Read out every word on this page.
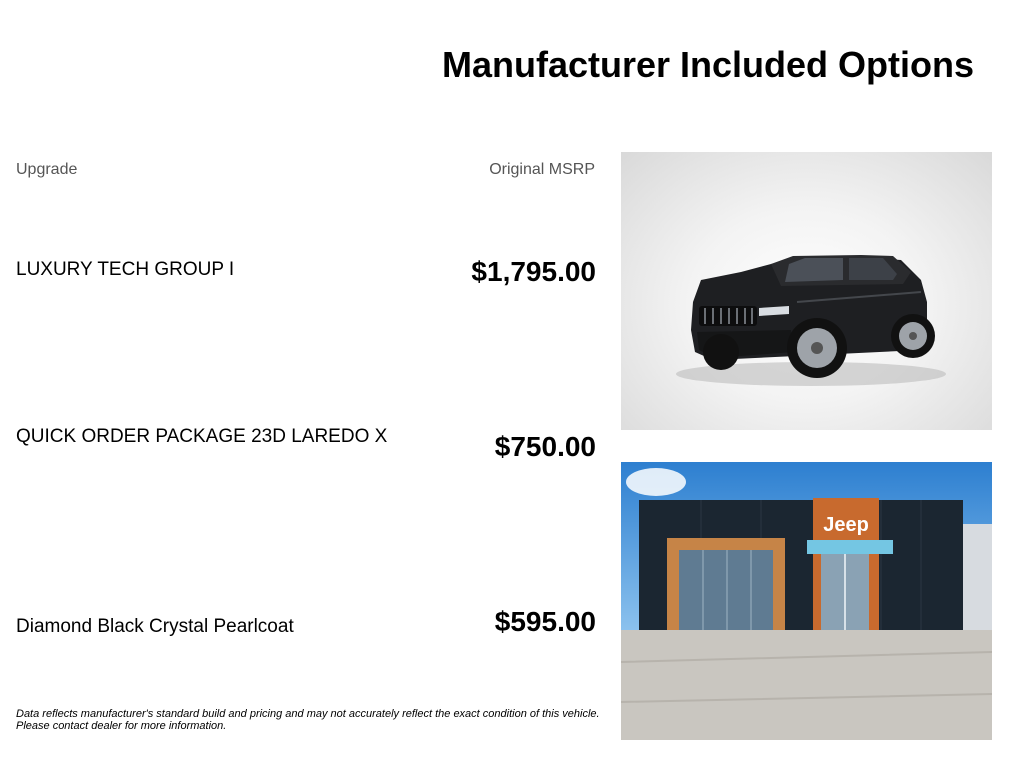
Manufacturer Included Options
Upgrade	Original MSRP
LUXURY TECH GROUP I	$1,795.00
QUICK ORDER PACKAGE 23D LAREDO X	$750.00
Diamond Black Crystal Pearlcoat	$595.00
Data reflects manufacturer's standard build and pricing and may not accurately reflect the exact condition of this vehicle.
Please contact dealer for more information.
Jeep
